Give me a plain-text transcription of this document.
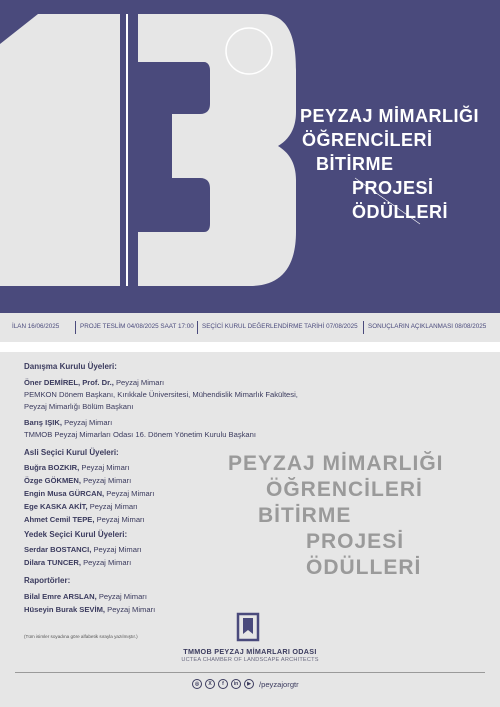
PEYZAJ MİMARLIĞI
ÖĞRENCİLERİ
BİTİRME
PROJESİ
ÖDÜLLERİ
İLAN 16/06/2025	PROJE TESLİM 04/08/2025 SAAT 17:00 SEÇİCİ KURUL DEĞERLENDİRME TARİHİ 07/08/2025 SONUÇLARIN AÇIKLANMASI 08/08/2025
Danışma Kurulu Üyeleri:
Öner DEMİREL, Prof. Dr., Peyzaj Mimarı
PEMKON Dönem Başkanı, Kırıkkale Üniversitesi, Mühendislik Mimarlık Fakültesi,
Peyzaj Mimarlığı Bölüm Başkanı
Barış IŞIK, Peyzaj Mimarı
TMMOB Peyzaj Mimarları Odası 16. Dönem Yönetim Kurulu Başkanı
Asli Seçici Kurul Üyeleri:
Buğra BOZKIR, Peyzaj Mimarı
Özge GÖKMEN, Peyzaj Mimarı
Engin Musa GÜRCAN, Peyzaj Mimarı
Ege KASKA AKİT, Peyzaj Mimarı
Ahmet Cemil TEPE, Peyzaj Mimarı
Yedek Seçici Kurul Üyeleri:
Serdar BOSTANCI, Peyzaj Mimarı
Dilara TUNCER, Peyzaj Mimarı
Raportörler:
Bilal Emre ARSLAN, Peyzaj Mimarı
Hüseyin Burak SEVİM, Peyzaj Mimarı
PEYZAJ MİMARLIĞI
ÖĞRENCİLERİ
BİTİRME
PROJESİ
ÖDÜLLERİ
(Tüm isimler soyadına göre alfabetik sırayla yazılmıştır.)
TMMOB PEYZAJ MİMARLARI ODASI
UCTEA CHAMBER OF LANDSCAPE ARCHITECTS
◎	X	f	in	▶	/peyzajorgtr
